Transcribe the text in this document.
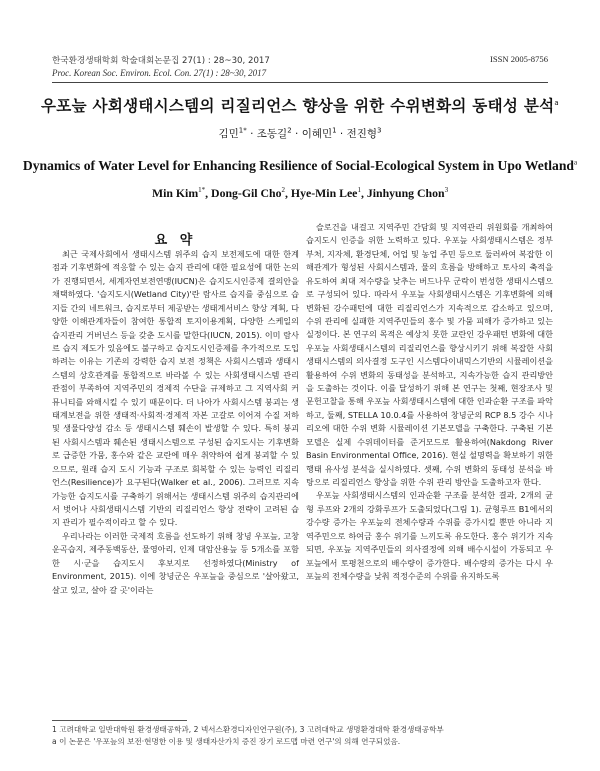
한국환경생태학회 학술대회논문집 27(1) : 28~30, 2017
Proc. Korean Soc. Environ. Ecol. Con. 27(1) : 28~30, 2017
ISSN 2005-8756
우포늪 사회생태시스템의 리질리언스 향상을 위한 수위변화의 동태성 분석$^a$
김민$^{1*}$ · 조동길$^2$ · 이혜민$^1$ · 전진형$^3$
Dynamics of Water Level for Enhancing Resilience of Social-Ecological System in Upo Wetland$^a$
Min Kim$^{1*}$, Dong-Gil Cho$^2$, Hye-Min Lee$^1$, Jinhyung Chon$^3$
요 약

최근 국제사회에서 생태시스템 위주의 습지 보전제도에 대한 한계점과 기후변화에 적응할 수 있는 습지 관리에 대한 필요성에 대한 논의가 진행되면서, 세계자연보전연맹(IUCN)은 습지도시인증제 결의안을 채택하였다. '습지도시(Wetland City)'란 람사르 습지를 중심으로 습지들 간의 네트워크, 습지로부터 제공받는 생태계서비스 향상 계획, 다양한 이해관계자들이 참여한 통합적 토지이용계획, 다양한 스케일의 습지관리 거버넌스 등을 갖춘 도시를 말한다(IUCN, 2015). 이미 람사르 습지 제도가 있음에도 불구하고 습지도시인증제를 추가적으로 도입하려는 이유는 기존의 강력한 습지 보전 정책은 사회시스템과 생태시스템의 상호관계를 통합적으로 바라볼 수 있는 사회생태시스템 관리 관점이 부족하여 지역주민의 경제적 수단을 규제하고 그 지역사회 커뮤니티를 와해시킬 수 있기 때문이다. 더 나아가 사회시스템 붕괴는 생태계보전을 위한 생태적·사회적·경제적 자본 고갈로 이어져 수질 저하 및 생물다양성 감소 등 생태시스템 훼손이 발생할 수 있다. 특히 붕괴된 사회시스템과 훼손된 생태시스템으로 구성된 습지도시는 기후변화로 급증한 가뭄, 홍수와 같은 교란에 매우 취약하여 쉽게 붕괴할 수 있으므로, 원래 습지 도시 기능과 구조로 회복할 수 있는 능력인 리질리언스(Resilience)가 요구된다(Walker et al., 2006). 그러므로 지속가능한 습지도시를 구축하기 위해서는 생태시스템 위주의 습지관리에서 벗어나 사회생태시스템 기반의 리질리언스 향상 전략이 고려된 습지 관리가 필수적이라고 할 수 있다.

우리나라는 이러한 국제적 흐름을 선도하기 위해 창녕 우포늪, 고창 운곡습지, 제주동백동산, 물영아리, 인제 대암산용늪 등 5개소를 포함한 시·군을 습지도시 후보지로 선정하였다(Ministry of Environment, 2015). 이에 창녕군은 우포늪을 중심으로 '살아왔고, 살고 있고, 살아 갈 곳'이라는

슬로건을 내걸고 지역주민 간담회 및 지역관리 위원회를 개최하여 습지도시 인증을 위한 노력하고 있다. 우포늪 사회생태시스템은 정부부처, 지자체, 환경단체, 어업 및 농업 주민 등으로 둘러싸여 복잡한 이해관계가 형성된 사회시스템과, 물의 흐름을 방해하고 토사의 축적을 유도하여 최대 저수량을 낮추는 버드나무 군락이 번성한 생태시스템으로 구성되어 있다. 따라서 우포늪 사회생태시스템은 기후변화에 의해 변화된 강수패턴에 대한 리질리언스가 지속적으로 감소하고 있으며, 수위 관리에 실패한 지역주민들의 홍수 및 가뭄 피해가 증가하고 있는 실정이다. 본 연구의 목적은 예상치 못한 교란인 강우패턴 변화에 대한 우포늪 사회생태시스템의 리질리언스를 향상시키기 위해 복잡한 사회생태시스템의 의사결정 도구인 시스템다이내믹스기반의 시뮬레이션을 활용하여 수위 변화의 동태성을 분석하고, 지속가능한 습지 관리방안을 도출하는 것이다. 이를 달성하기 위해 본 연구는 첫째, 현장조사 및 문헌고찰을 통해 우포늪 사회생태시스템에 대한 인과순환 구조를 파악하고, 둘째, STELLA 10.0.4를 사용하여 창녕군의 RCP 8.5 강수 시나리오에 대한 수위 변화 시뮬레이션 기본모델을 구축한다. 구축된 기본모델은 실제 수위데이터를 준거모드로 활용하여(Nakdong River Basin Environmental Office, 2016). 현실 설명력을 확보하기 위한 행태 유사성 분석을 실시하였다. 셋째, 수위 변화의 동태성 분석을 바탕으로 리질리언스 향상을 위한 수위 관리 방안을 도출하고자 한다.

우포늪 사회생태시스템의 인과순환 구조를 분석한 결과, 2개의 균형 루프와 2개의 강화루프가 도출되었다(그림 1). 균형루프 B1에서의 강수량 증가는 우포늪의 전체수량과 수위를 증가시킬 뿐만 아니라 지역주민으로 하여금 홍수 위기를 느끼도록 유도한다. 홍수 위기가 지속되면, 우포늪 지역주민들의 의사결정에 의해 배수시설이 가동되고 우포늪에서 토평천으로의 배수량이 증가한다. 배수량의 증가는 다시 우포늪의 전체수량을 낮춰 적정수준의 수위를 유지하도록

1 고려대학교 일반대학원 환경생태공학과, 2 넥서스환경디자인연구원(주), 3 고려대학교 생명환경대학 환경생태공학부
a 이 논문은 '우포늪의 보전·현명한 이용 및 생태자산가치 증진 장기 로드맵 마련 연구'의 의해 연구되었음.
